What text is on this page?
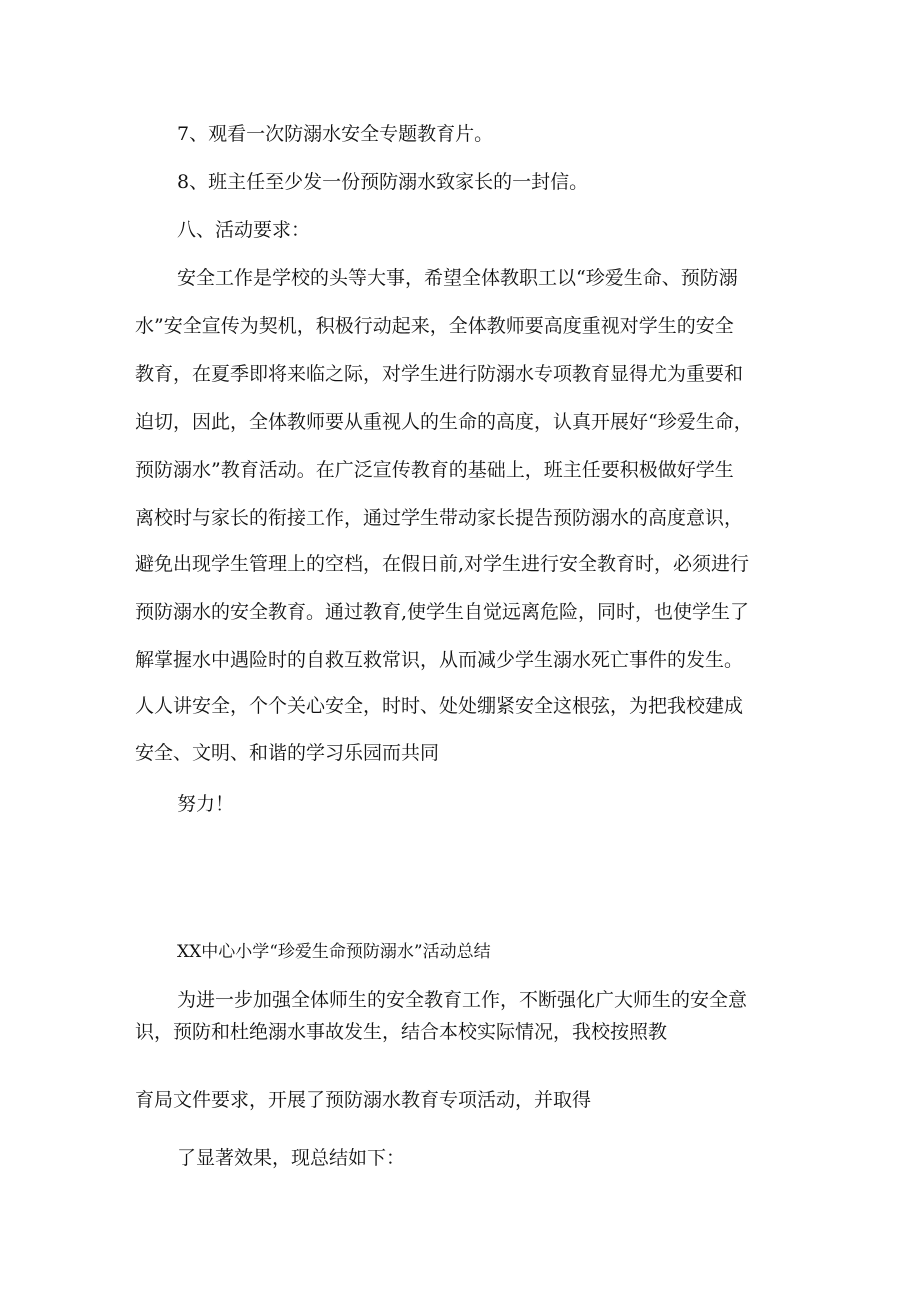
7、观看一次防溺水安全专题教育片。

8、班主任至少发一份预防溺水致家长的一封信。

八、活动要求：

安全工作是学校的头等大事，希望全体教职工以“珍爱生命、预防溺

水”安全宣传为契机，积极行动起来，全体教师要高度重视对学生的安全

教育，在夏季即将来临之际，对学生进行防溺水专项教育显得尤为重要和

迫切，因此，全体教师要从重视人的生命的高度，认真开展好“珍爱生命，

预防溺水”教育活动。在广泛宣传教育的基础上，班主任要积极做好学生

离校时与家长的衔接工作，通过学生带动家长提告预防溺水的高度意识，

避免出现学生管理上的空档，在假日前,对学生进行安全教育时，必须进行

预防溺水的安全教育。通过教育,使学生自觉远离危险，同时，也使学生了

解掌握水中遇险时的自救互救常识，从而减少学生溺水死亡事件的发生。

人人讲安全，个个关心安全，时时、处处绷紧安全这根弦，为把我校建成

安全、文明、和谐的学习乐园而共同

努力！

XX中心小学“珍爱生命预防溺水”活动总结

为进一步加强全体师生的安全教育工作，不断强化广大师生的安全意

识，预防和杜绝溺水事故发生，结合本校实际情况，我校按照教

育局文件要求，开展了预防溺水教育专项活动，并取得

了显著效果，现总结如下：
